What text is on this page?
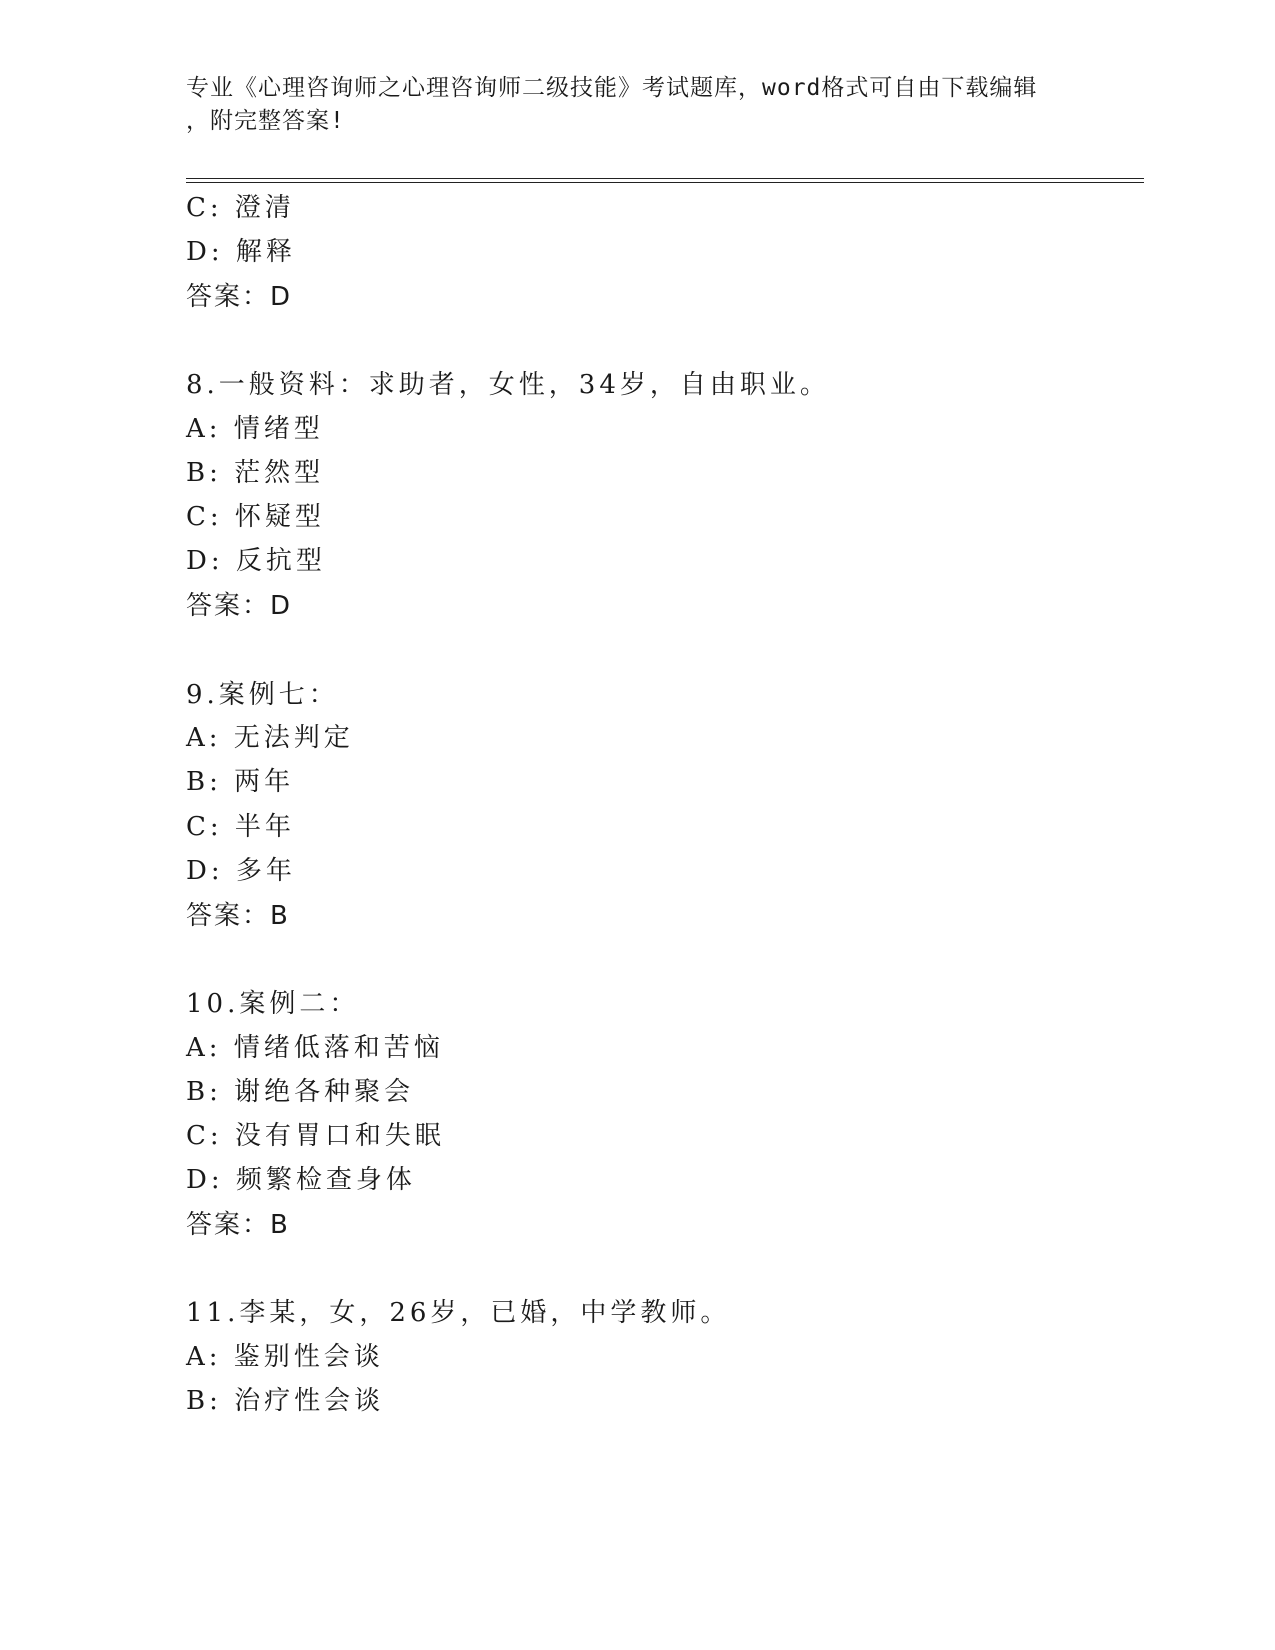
专业《心理咨询师之心理咨询师二级技能》考试题库，word格式可自由下载编辑
，附完整答案!
C: 澄清
D: 解释
答案：D
8.一般资料：求助者，女性，34岁，自由职业。
A: 情绪型
B: 茫然型
C: 怀疑型
D: 反抗型
答案：D
9.案例七：
A: 无法判定
B: 两年
C: 半年
D: 多年
答案：B
10.案例二：
A: 情绪低落和苦恼
B: 谢绝各种聚会
C: 没有胃口和失眠
D: 频繁检查身体
答案：B
11.李某，女，26岁，已婚，中学教师。
A: 鉴别性会谈
B: 治疗性会谈
